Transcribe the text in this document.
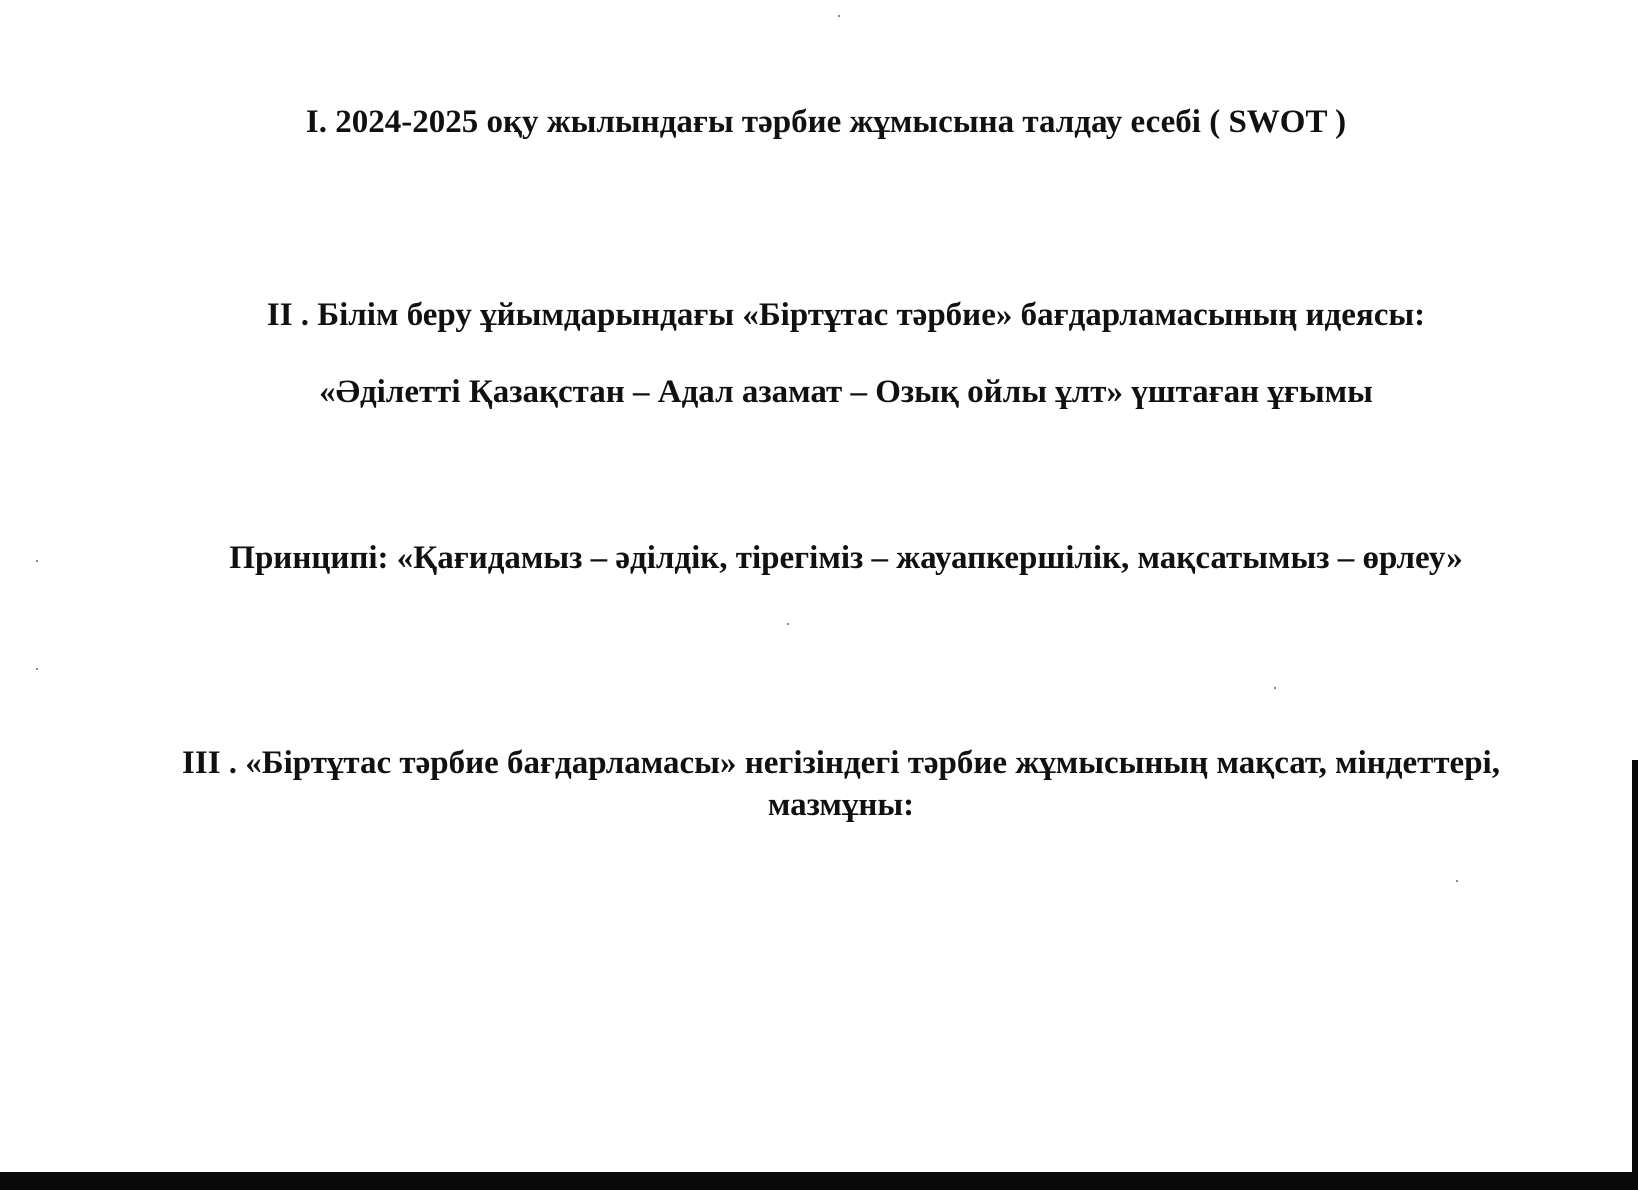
І. 2024-2025 оқу жылындағы тәрбие жұмысына талдау есебі ( SWOT )
ІІ . Білім беру ұйымдарындағы «Біртұтас тәрбие» бағдарламасының идеясы:
«Әділетті Қазақстан – Адал азамат – Озық ойлы ұлт» үштаған ұғымы
Принципі: «Қағидамыз – әділдік, тірегіміз – жауапкершілік, мақсатымыз – өрлеу»
ІІІ . «Біртұтас тәрбие бағдарламасы» негізіндегі тәрбие жұмысының мақсат, міндеттері,
мазмұны:
